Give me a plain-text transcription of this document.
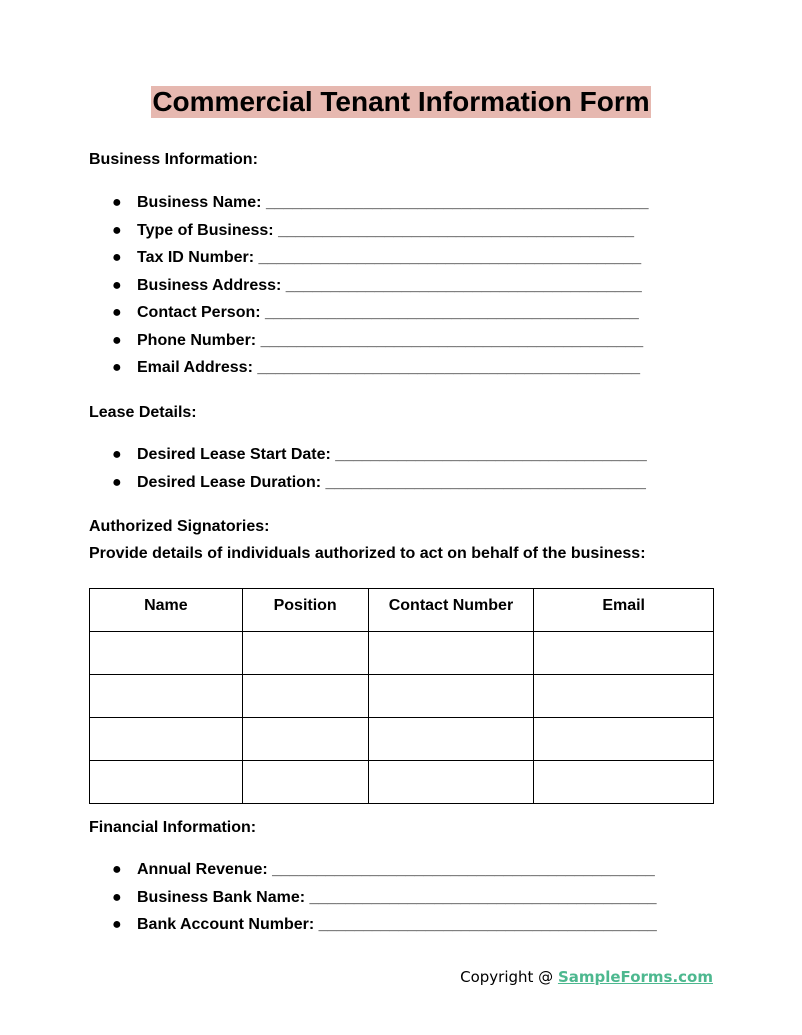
Commercial Tenant Information Form
Business Information:
● Business Name: ___________________________________________
● Type of Business: ________________________________________
● Tax ID Number: ___________________________________________
● Business Address: ________________________________________
● Contact Person: __________________________________________
● Phone Number: ___________________________________________
● Email Address: ___________________________________________
Lease Details:
● Desired Lease Start Date: ___________________________________
● Desired Lease Duration: ____________________________________
Authorized Signatories:
Provide details of individuals authorized to act on behalf of the business:
Name	Position	Contact Number	Email

Financial Information:
● Annual Revenue: ___________________________________________
● Business Bank Name: _______________________________________
● Bank Account Number: ______________________________________
Copyright @ SampleForms.com
